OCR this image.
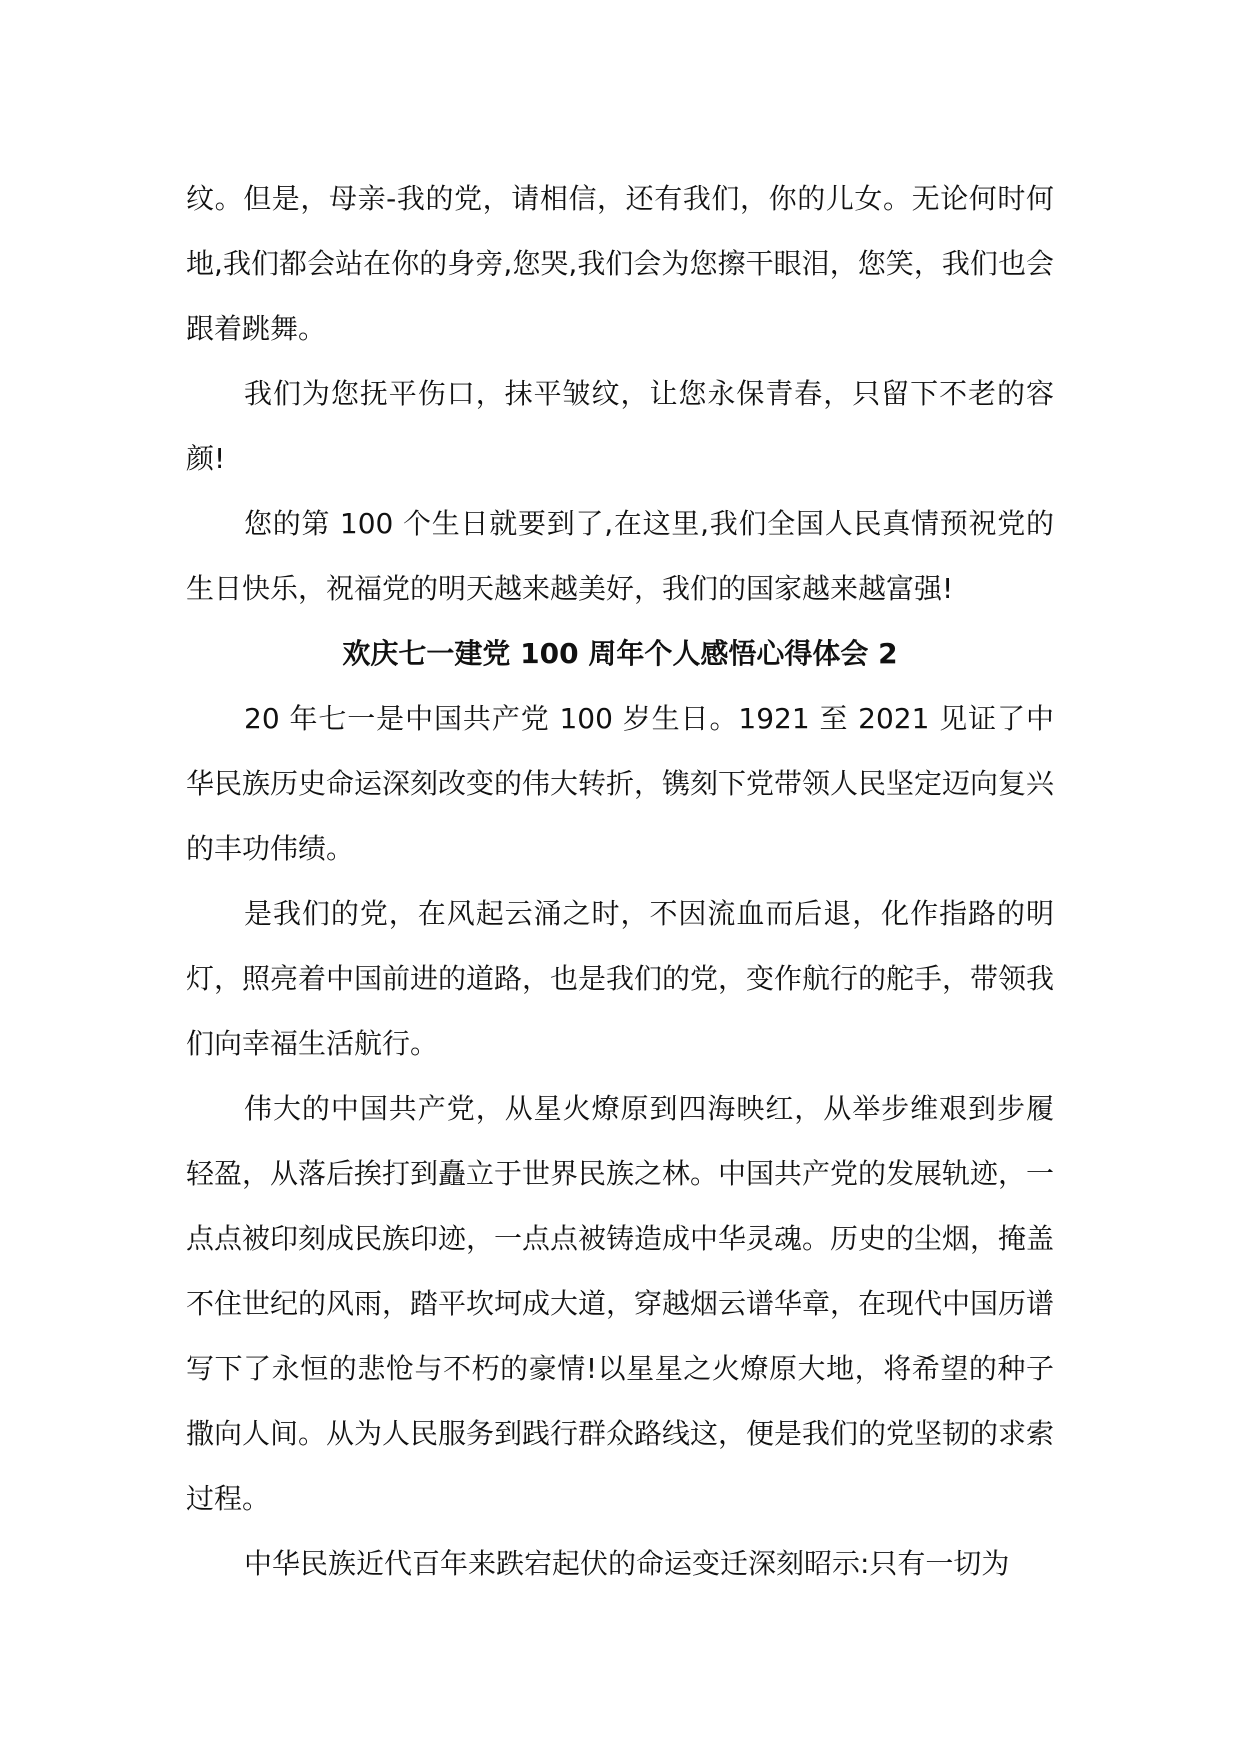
纹。但是，母亲-我的党，请相信，还有我们，你的儿女。无论何时何地,我们都会站在你的身旁,您哭,我们会为您擦干眼泪，您笑，我们也会跟着跳舞。

我们为您抚平伤口，抹平皱纹，让您永保青春，只留下不老的容颜!

您的第 100 个生日就要到了,在这里,我们全国人民真情预祝党的生日快乐，祝福党的明天越来越美好，我们的国家越来越富强!

欢庆七一建党 100 周年个人感悟心得体会 2

20 年七一是中国共产党 100 岁生日。1921 至 2021 见证了中华民族历史命运深刻改变的伟大转折，镌刻下党带领人民坚定迈向复兴的丰功伟绩。

是我们的党，在风起云涌之时，不因流血而后退，化作指路的明灯，照亮着中国前进的道路，也是我们的党，变作航行的舵手，带领我们向幸福生活航行。

伟大的中国共产党，从星火燎原到四海映红，从举步维艰到步履轻盈，从落后挨打到矗立于世界民族之林。中国共产党的发展轨迹，一点点被印刻成民族印迹，一点点被铸造成中华灵魂。历史的尘烟，掩盖不住世纪的风雨，踏平坎坷成大道，穿越烟云谱华章，在现代中国历谱写下了永恒的悲怆与不朽的豪情!以星星之火燎原大地，将希望的种子撒向人间。从为人民服务到践行群众路线这，便是我们的党坚韧的求索过程。

中华民族近代百年来跌宕起伏的命运变迁深刻昭示:只有一切为
